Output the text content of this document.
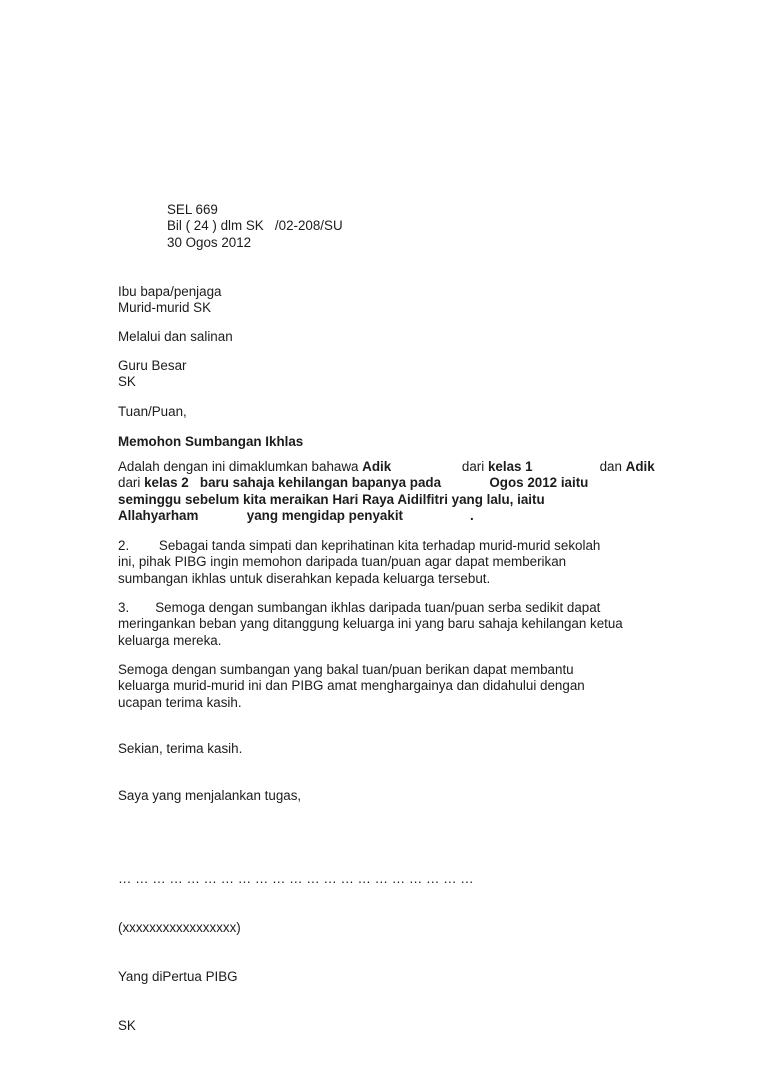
SEL 669
Bil ( 24 ) dlm SK   /02-208/SU
30 Ogos 2012
Ibu bapa/penjaga
Murid-murid SK
Melalui dan salinan
Guru Besar
SK
Tuan/Puan,
Memohon Sumbangan Ikhlas
Adalah dengan ini dimaklumkan bahawa Adik                   dari kelas 1                  dan Adik
dari kelas 2   baru sahaja kehilangan bapanya pada             Ogos 2012 iaitu
seminggu sebelum kita meraikan Hari Raya Aidilfitri yang lalu, iaitu
Allahyarham             yang mengidap penyakit                  .
2.        Sebagai tanda simpati dan keprihatinan kita terhadap murid-murid sekolah
ini, pihak PIBG ingin memohon daripada tuan/puan agar dapat memberikan
sumbangan ikhlas untuk diserahkan kepada keluarga tersebut.
3.       Semoga dengan sumbangan ikhlas daripada tuan/puan serba sedikit dapat
meringankan beban yang ditanggung keluarga ini yang baru sahaja kehilangan ketua
keluarga mereka.
Semoga dengan sumbangan yang bakal tuan/puan berikan dapat membantu
keluarga murid-murid ini dan PIBG amat menghargainya dan didahului dengan
ucapan terima kasih.
Sekian, terima kasih.
Saya yang menjalankan tugas,

… … … … … … … … … … … … … … … … … … … … …

(xxxxxxxxxxxxxxxxx)

Yang diPertua PIBG

SK
